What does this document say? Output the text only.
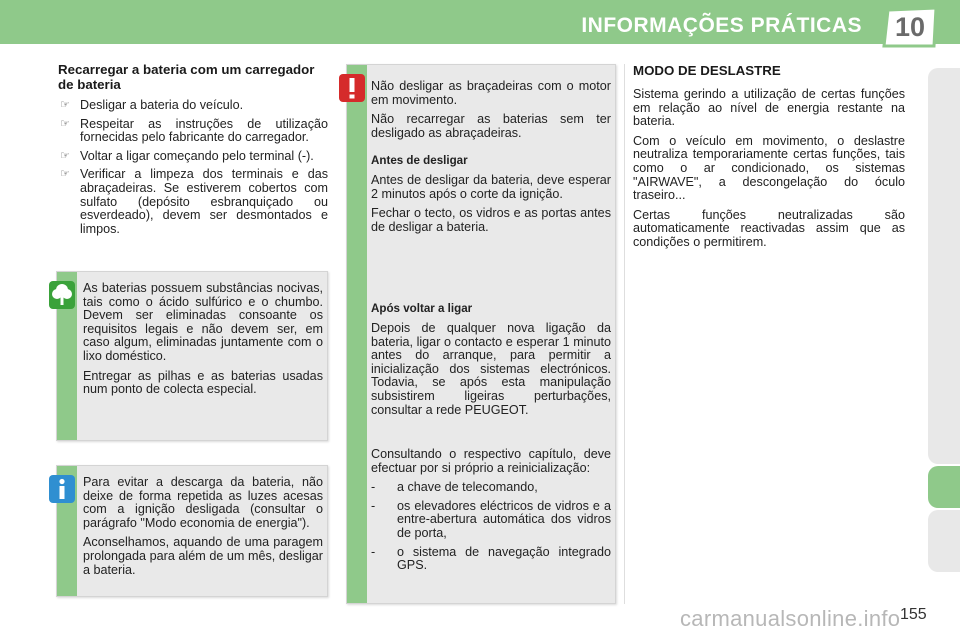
INFORMAÇÕES PRÁTICAS	10
Recarregar a bateria com um carregador de bateria
☞ Desligar a bateria do veículo.
☞ Respeitar as instruções de utilização fornecidas pelo fabricante do carregador.
☞ Voltar a ligar começando pelo terminal (-).
☞ Verificar a limpeza dos terminais e das abraçadeiras. Se estiverem cobertos com sulfato (depósito esbranquiçado ou esverdeado), devem ser desmontados e limpos.

As baterias possuem substâncias nocivas, tais como o ácido sulfúrico e o chumbo. Devem ser eliminadas consoante os requisitos legais e não devem ser, em caso algum, eliminadas juntamente com o lixo doméstico.

Entregar as pilhas e as baterias usadas num ponto de colecta especial.

Para evitar a descarga da bateria, não deixe de forma repetida as luzes acesas com a ignição desligada (consultar o parágrafo "Modo economia de energia").

Aconselhamos, aquando de uma paragem prolongada para além de um mês, desligar a bateria.

Não desligar as braçadeiras com o motor em movimento.

Não recarregar as baterias sem ter desligado as abraçadeiras.

Antes de desligar

Antes de desligar da bateria, deve esperar 2 minutos após o corte da ignição.

Fechar o tecto, os vidros e as portas antes de desligar a bateria.

Após voltar a ligar

Depois de qualquer nova ligação da bateria, ligar o contacto e esperar 1 minuto antes do arranque, para permitir a inicialização dos sistemas electrónicos. Todavia, se após esta manipulação subsistirem ligeiras perturbações, consultar a rede PEUGEOT.

Consultando o respectivo capítulo, deve efectuar por si próprio a reinicialização:

- a chave de telecomando,
- os elevadores eléctricos de vidros e a entre-abertura automática dos vidros de porta,
- o sistema de navegação integrado GPS.
MODO DE DESLASTRE

Sistema gerindo a utilização de certas funções em relação ao nível de energia restante na bateria.

Com o veículo em movimento, o deslastre neutraliza temporariamente certas funções, tais como o ar condicionado, os sistemas "AIRWAVE", a descongelação do óculo traseiro...

Certas funções neutralizadas são automaticamente reactivadas assim que as condições o permitirem.

carmanualsonline.info 155
